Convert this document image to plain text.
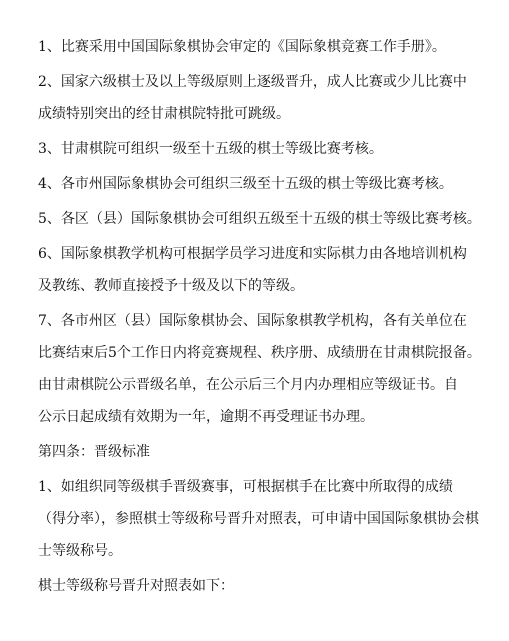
1、比赛采用中国国际象棋协会审定的《国际象棋竞赛工作手册》。
2、国家六级棋士及以上等级原则上逐级晋升，成人比赛或少儿比赛中
成绩特别突出的经甘肃棋院特批可跳级。
3、甘肃棋院可组织一级至十五级的棋士等级比赛考核。
4、各市州国际象棋协会可组织三级至十五级的棋士等级比赛考核。
5、各区（县）国际象棋协会可组织五级至十五级的棋士等级比赛考核。
6、国际象棋教学机构可根据学员学习进度和实际棋力由各地培训机构
及教练、教师直接授予十级及以下的等级。
7、各市州区（县）国际象棋协会、国际象棋教学机构，各有关单位在
比赛结束后5个工作日内将竞赛规程、秩序册、成绩册在甘肃棋院报备。
由甘肃棋院公示晋级名单，在公示后三个月内办理相应等级证书。自
公示日起成绩有效期为一年，逾期不再受理证书办理。
第四条：晋级标准
1、如组织同等级棋手晋级赛事，可根据棋手在比赛中所取得的成绩
（得分率），参照棋士等级称号晋升对照表，可申请中国国际象棋协会棋
士等级称号。
棋士等级称号晋升对照表如下：
